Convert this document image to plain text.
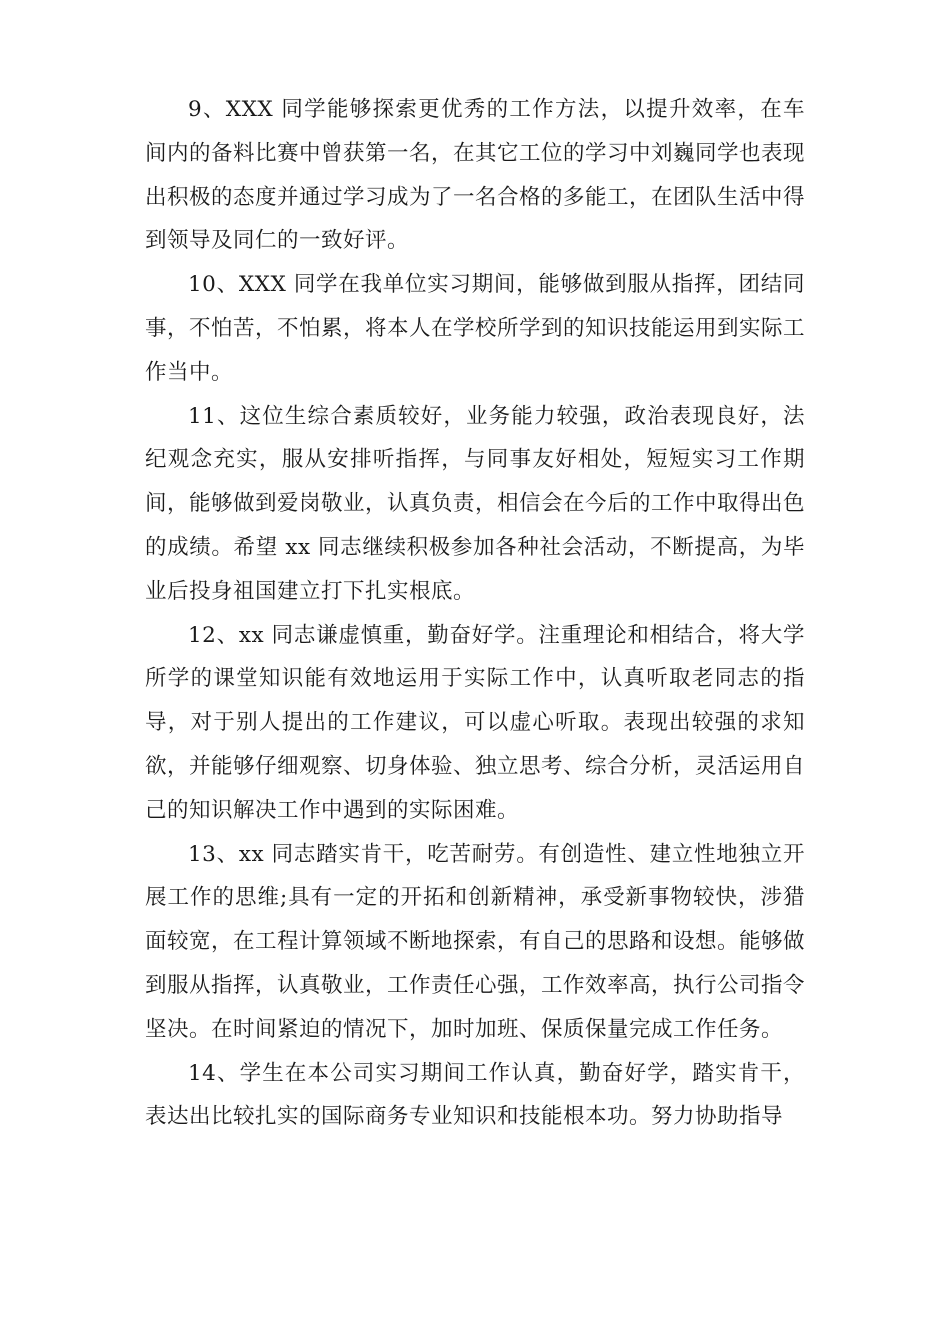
9、XXX 同学能够探索更优秀的工作方法，以提升效率，在车间内的备料比赛中曾获第一名，在其它工位的学习中刘巍同学也表现出积极的态度并通过学习成为了一名合格的多能工，在团队生活中得到领导及同仁的一致好评。

10、XXX 同学在我单位实习期间，能够做到服从指挥，团结同事，不怕苦，不怕累，将本人在学校所学到的知识技能运用到实际工作当中。

11、这位生综合素质较好，业务能力较强，政治表现良好，法纪观念充实，服从安排听指挥，与同事友好相处，短短实习工作期间，能够做到爱岗敬业，认真负责，相信会在今后的工作中取得出色的成绩。希望 xx 同志继续积极参加各种社会活动，不断提高，为毕业后投身祖国建立打下扎实根底。

12、xx 同志谦虚慎重，勤奋好学。注重理论和相结合，将大学所学的课堂知识能有效地运用于实际工作中，认真听取老同志的指导，对于别人提出的工作建议，可以虚心听取。表现出较强的求知欲，并能够仔细观察、切身体验、独立思考、综合分析，灵活运用自己的知识解决工作中遇到的实际困难。

13、xx 同志踏实肯干，吃苦耐劳。有创造性、建立性地独立开展工作的思维;具有一定的开拓和创新精神，承受新事物较快，涉猎面较宽，在工程计算领域不断地探索，有自己的思路和设想。能够做到服从指挥，认真敬业，工作责任心强，工作效率高，执行公司指令坚决。在时间紧迫的情况下，加时加班、保质保量完成工作任务。

14、学生在本公司实习期间工作认真，勤奋好学，踏实肯干，表达出比较扎实的国际商务专业知识和技能根本功。努力协助指导
